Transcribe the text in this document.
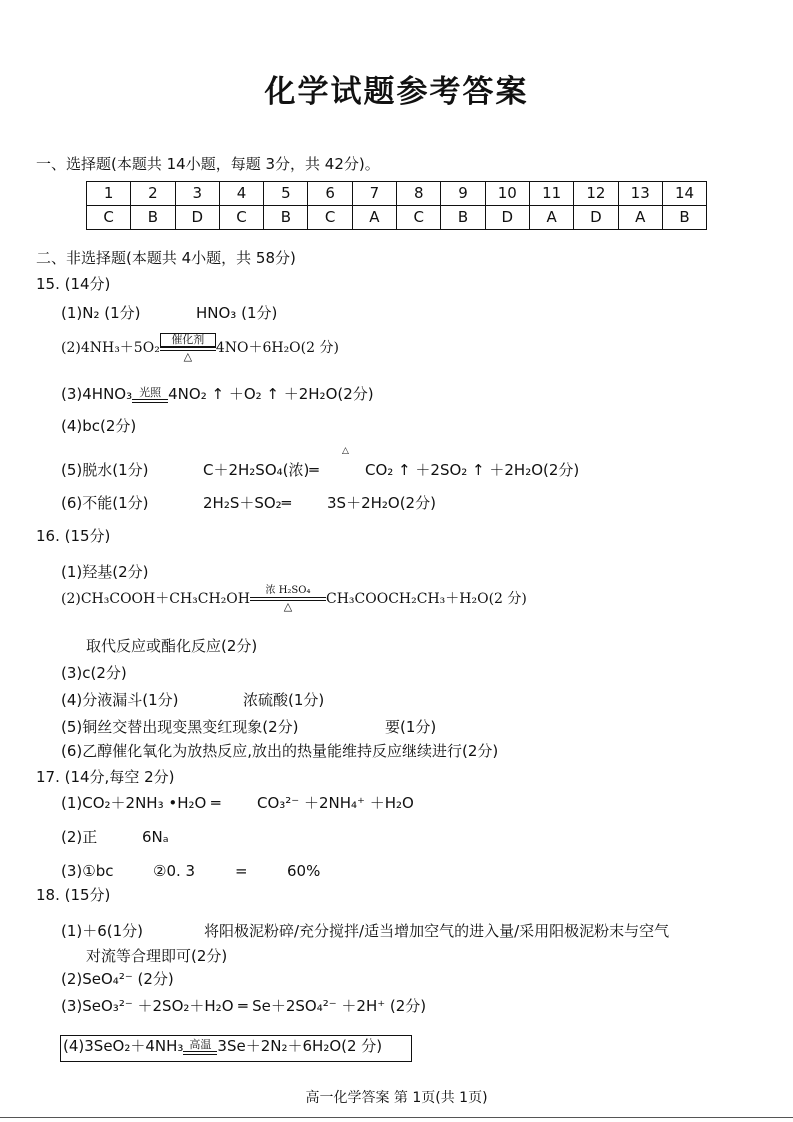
化学试题参考答案
一、选择题(本题共 14小题，每题 3分，共 42分)。
1	2	3	4	5	6	7	8	9	10	11	12	13	14
C	B	D	C	B	C	A	C	B	D	A	D	A	B
二、非选择题(本题共 4小题，共 58分)
15. (14分)
(1)N₂ (1分)	HNO₃ (1分)
(2)4NH₃＋5O₂
催化剂
△
4NO＋6H₂O(2 分)
(3)4HNO₃ 光照 4NO₂ ↑ ＋O₂ ↑ ＋2H₂O(2分)
(4)bc(2分)
△
(5)脱水(1分)	C＋2H₂SO₄(浓)═	CO₂ ↑ ＋2SO₂ ↑ ＋2H₂O(2分)
(6)不能(1分)	2H₂S＋SO₂═ 3S＋2H₂O(2分)
16. (15分)
(1)羟基(2分)
(2)CH₃COOH＋CH₃CH₂OH
浓 H₂SO₄
△	CH₃COOCH₂CH₃＋H₂O(2 分)
取代反应或酯化反应(2分)
(3)c(2分)
(4)分液漏斗(1分)	浓硫酸(1分)
(5)铜丝交替出现变黑变红现象(2分)	要(1分)
(6)乙醇催化氧化为放热反应,放出的热量能维持反应继续进行(2分)
17. (14分,每空 2分)
(1)CO₂＋2NH₃ •H₂O ═ CO₃²⁻ ＋2NH₄⁺ ＋H₂O
(2)正	6Nₐ
(3)①bc	②0. 3	=	60%
18. (15分)
(1)＋6(1分)	将阳极泥粉碎/充分搅拌/适当增加空气的进入量/采用阳极泥粉末与空气
对流等合理即可(2分)
(2)SeO₄²⁻ (2分)
(3)SeO₃²⁻ ＋2SO₂＋H₂O ═ Se＋2SO₄²⁻ ＋2H⁺ (2分)
(4)3SeO₂＋4NH₃ 高温 3Se＋2N₂＋6H₂O(2 分)
高一化学答案 第 1页(共 1页)
